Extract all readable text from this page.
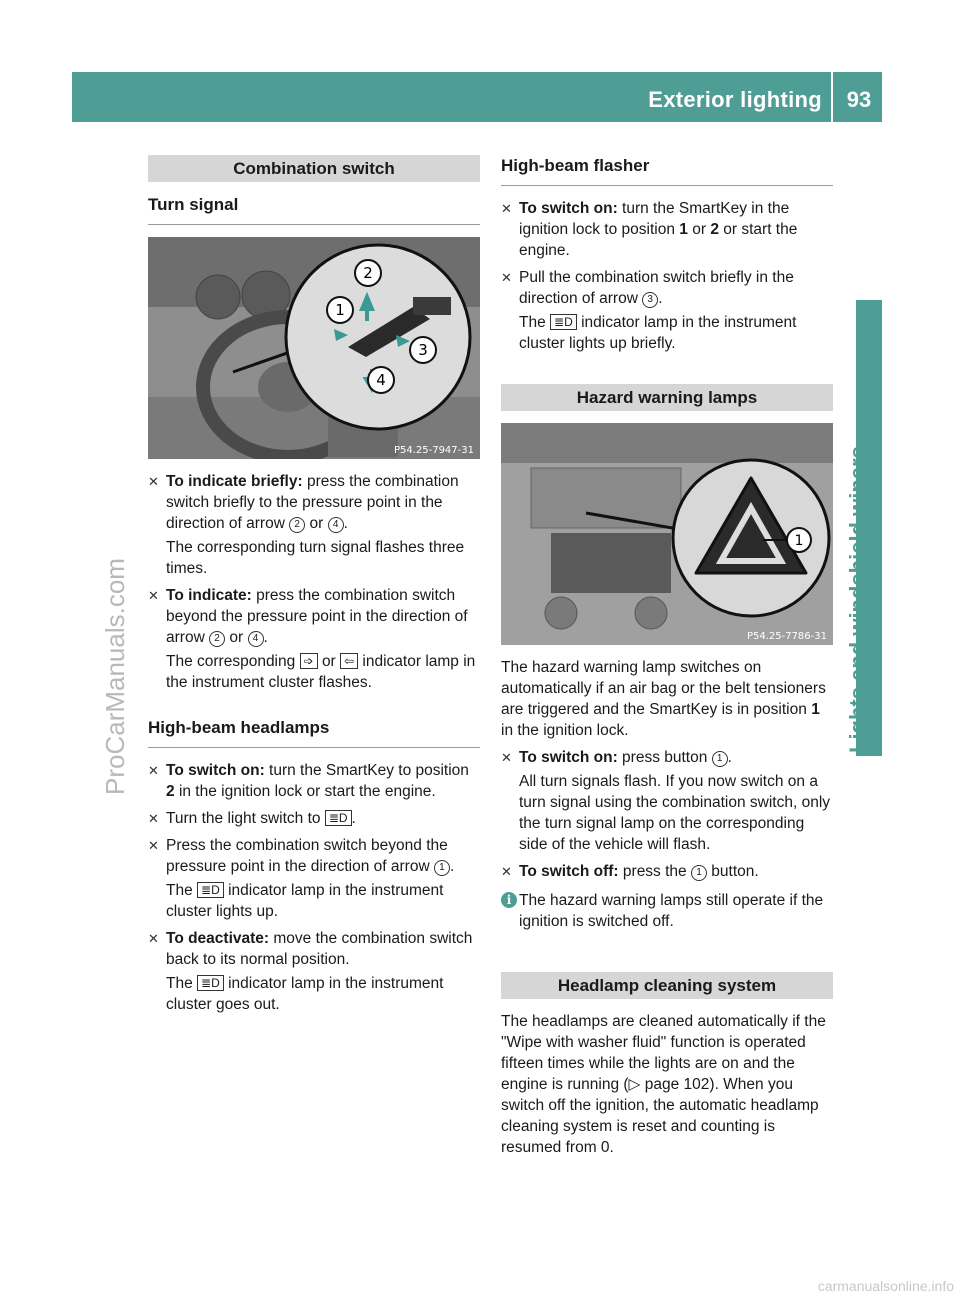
Exterior lighting	93
Lights and windshield wipers
ProCarManuals.com
carmanualsonline.info
Combination switch
Turn signal
2
1
3
4
P54.25-7947-31
✕ To indicate briefly: press the combination switch briefly to the pressure point in the direction of arrow 2 or 4 .

The corresponding turn signal flashes three times.

✕ To indicate: press the combination switch beyond the pressure point in the direction of arrow 2 or 4 .

The corresponding ➩ or ⇦ indicator lamp in the instrument cluster flashes.

High-beam headlamps
✕ To switch on: turn the SmartKey to position 2 in the ignition lock or start the engine.

✕ Turn the light switch to ≣D .

✕ Press the combination switch beyond the pressure point in the direction of arrow 1 .

The ≣D indicator lamp in the instrument cluster lights up.

✕ To deactivate: move the combination switch back to its normal position.

The ≣D indicator lamp in the instrument cluster goes out.

High-beam flasher
✕ To switch on: turn the SmartKey in the ignition lock to position 1 or 2 or start the engine.

✕ Pull the combination switch briefly in the direction of arrow 3 .

The ≣D indicator lamp in the instrument cluster lights up briefly.

Hazard warning lamps
1
P54.25-7786-31

The hazard warning lamp switches on automatically if an air bag or the belt tensioners are triggered and the SmartKey is in position 1 in the ignition lock.

✕ To switch on: press button 1 .

All turn signals flash. If you now switch on a turn signal using the combination switch, only the turn signal lamp on the corresponding side of the vehicle will flash.

✕ To switch off: press the 1 button.

i The hazard warning lamps still operate if the ignition is switched off.

Headlamp cleaning system

The headlamps are cleaned automatically if the "Wipe with washer fluid" function is operated fifteen times while the lights are on and the engine is running (▷ page 102). When you switch off the ignition, the automatic headlamp cleaning system is reset and counting is resumed from 0.
